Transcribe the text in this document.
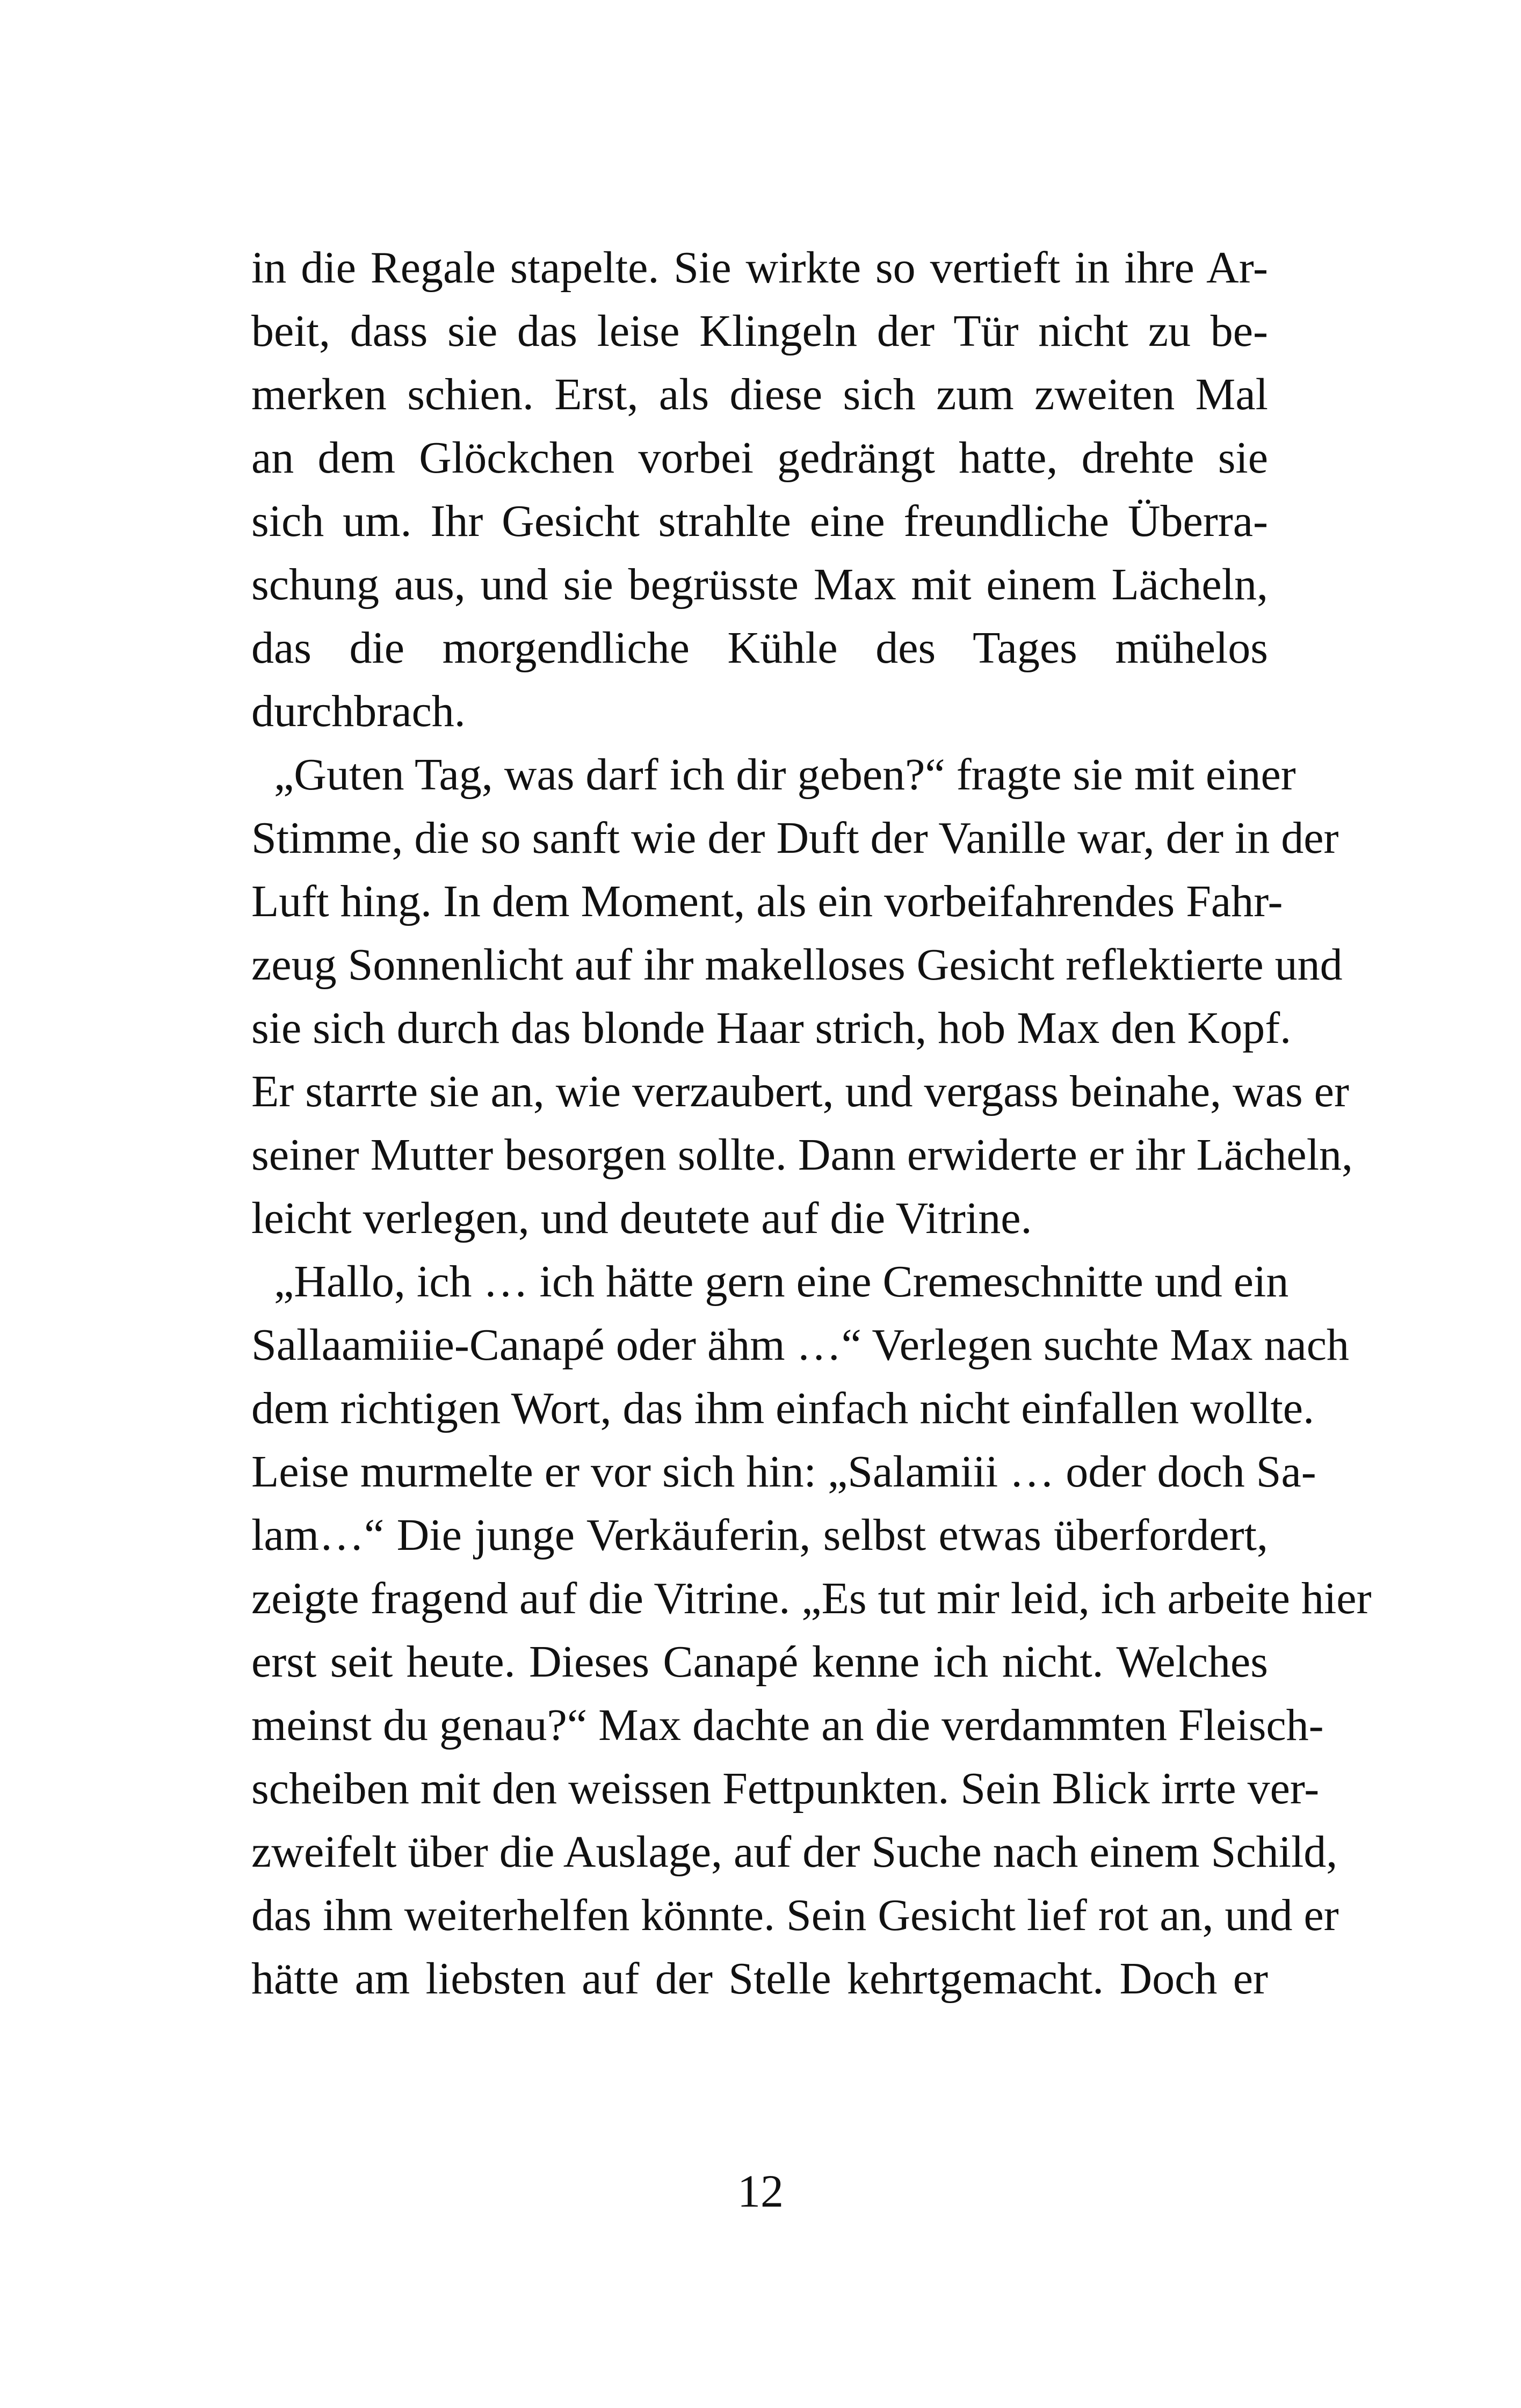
in die Regale stapelte. Sie wirkte so vertieft in ihre Ar-
beit, dass sie das leise Klingeln der Tür nicht zu be-
merken schien. Erst, als diese sich zum zweiten Mal
an dem Glöckchen vorbei gedrängt hatte, drehte sie
sich um. Ihr Gesicht strahlte eine freundliche Überra-
schung aus, und sie begrüsste Max mit einem Lächeln,
das die morgendliche Kühle des Tages mühelos
durchbrach.
„Guten Tag, was darf ich dir geben?“ fragte sie mit einer
Stimme, die so sanft wie der Duft der Vanille war, der in der
Luft hing. In dem Moment, als ein vorbeifahrendes Fahr-
zeug Sonnenlicht auf ihr makelloses Gesicht reflektierte und
sie sich durch das blonde Haar strich, hob Max den Kopf.
Er starrte sie an, wie verzaubert, und vergass beinahe, was er
seiner Mutter besorgen sollte. Dann erwiderte er ihr Lächeln,
leicht verlegen, und deutete auf die Vitrine.
„Hallo, ich … ich hätte gern eine Cremeschnitte und ein
Sallaamiiie-Canapé oder ähm …“ Verlegen suchte Max nach
dem richtigen Wort, das ihm einfach nicht einfallen wollte.
Leise murmelte er vor sich hin: „Salamiii … oder doch Sa-
lam…“ Die junge Verkäuferin, selbst etwas überfordert,
zeigte fragend auf die Vitrine. „Es tut mir leid, ich arbeite hier
erst seit heute. Dieses Canapé kenne ich nicht. Welches
meinst du genau?“ Max dachte an die verdammten Fleisch-
scheiben mit den weissen Fettpunkten. Sein Blick irrte ver-
zweifelt über die Auslage, auf der Suche nach einem Schild,
das ihm weiterhelfen könnte. Sein Gesicht lief rot an, und er
hätte am liebsten auf der Stelle kehrtgemacht. Doch er
12
